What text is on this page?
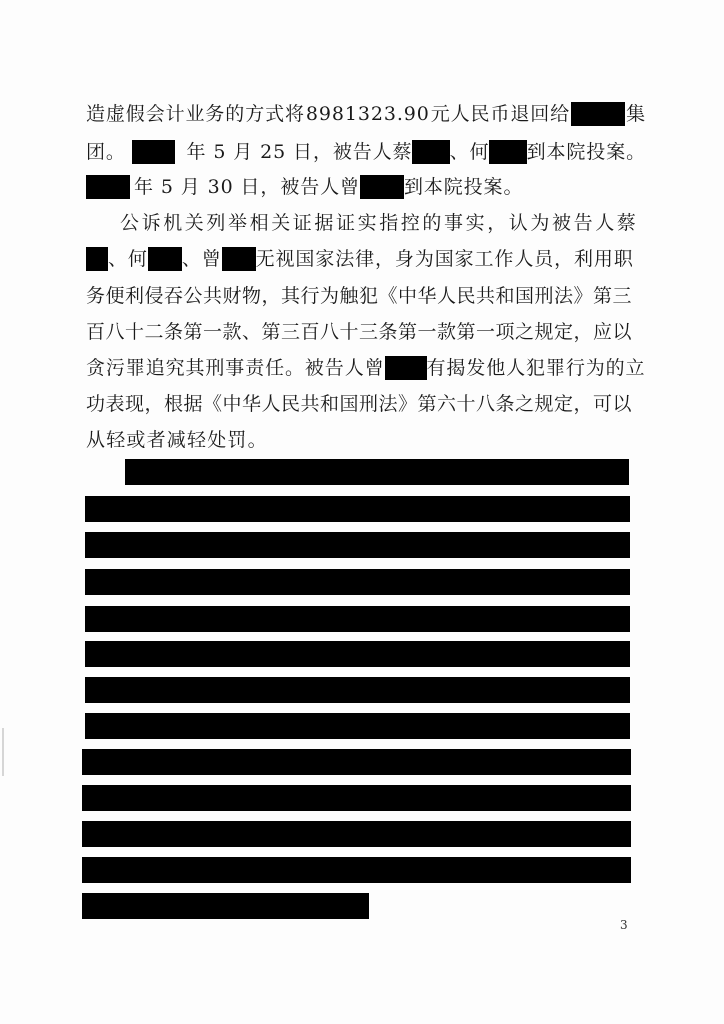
造虚假会计业务的方式将 8981323.90 元人民币退回给	集
团。	年 5 月 25 日，被告人蔡 、何 到本院投案。
年 5 月 30 日，被告人曾 到本院投案。
公诉机关列举相关证据证实指控的事实，认为被告人蔡
、何 、曾 无视国家法律，身为国家工作人员，利用职
务便利侵吞公共财物，其行为触犯《中华人民共和国刑法》第三
百八十二条第一款、第三百八十三条第一款第一项之规定，应以
贪污罪追究其刑事责任。被告人曾 有揭发他人犯罪行为的立
功表现，根据《中华人民共和国刑法》第六十八条之规定，可以
从轻或者减轻处罚。
3
